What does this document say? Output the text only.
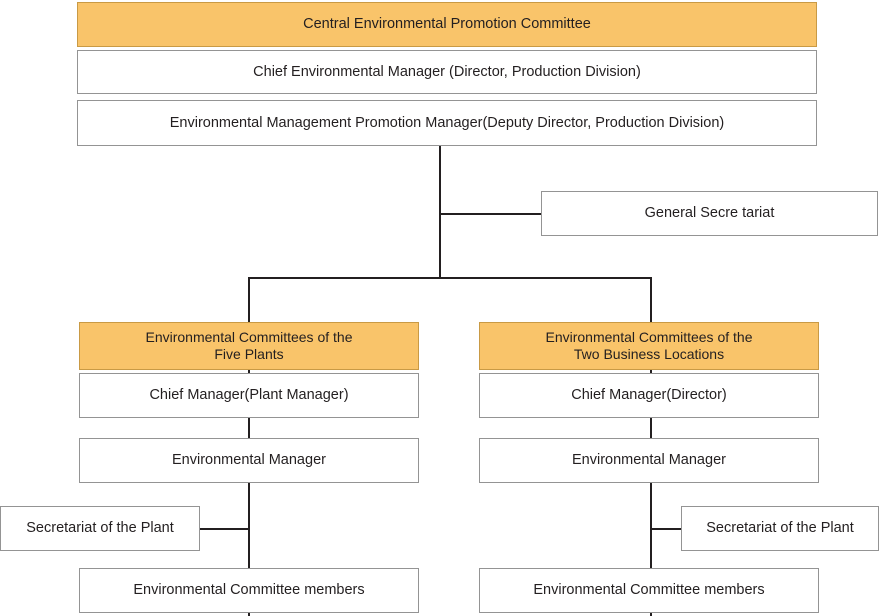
Central Environmental Promotion Committee
Chief Environmental Manager (Director, Production Division)
Environmental Management Promotion Manager(Deputy Director, Production Division)
General Secre tariat
Environmental Committees of the
Five Plants
Chief Manager(Plant Manager)
Environmental Manager
Secretariat of the Plant
Environmental Committee members
Environmental Committees of the
Two Business Locations
Chief Manager(Director)
Environmental Manager
Secretariat of the Plant
Environmental Committee members
